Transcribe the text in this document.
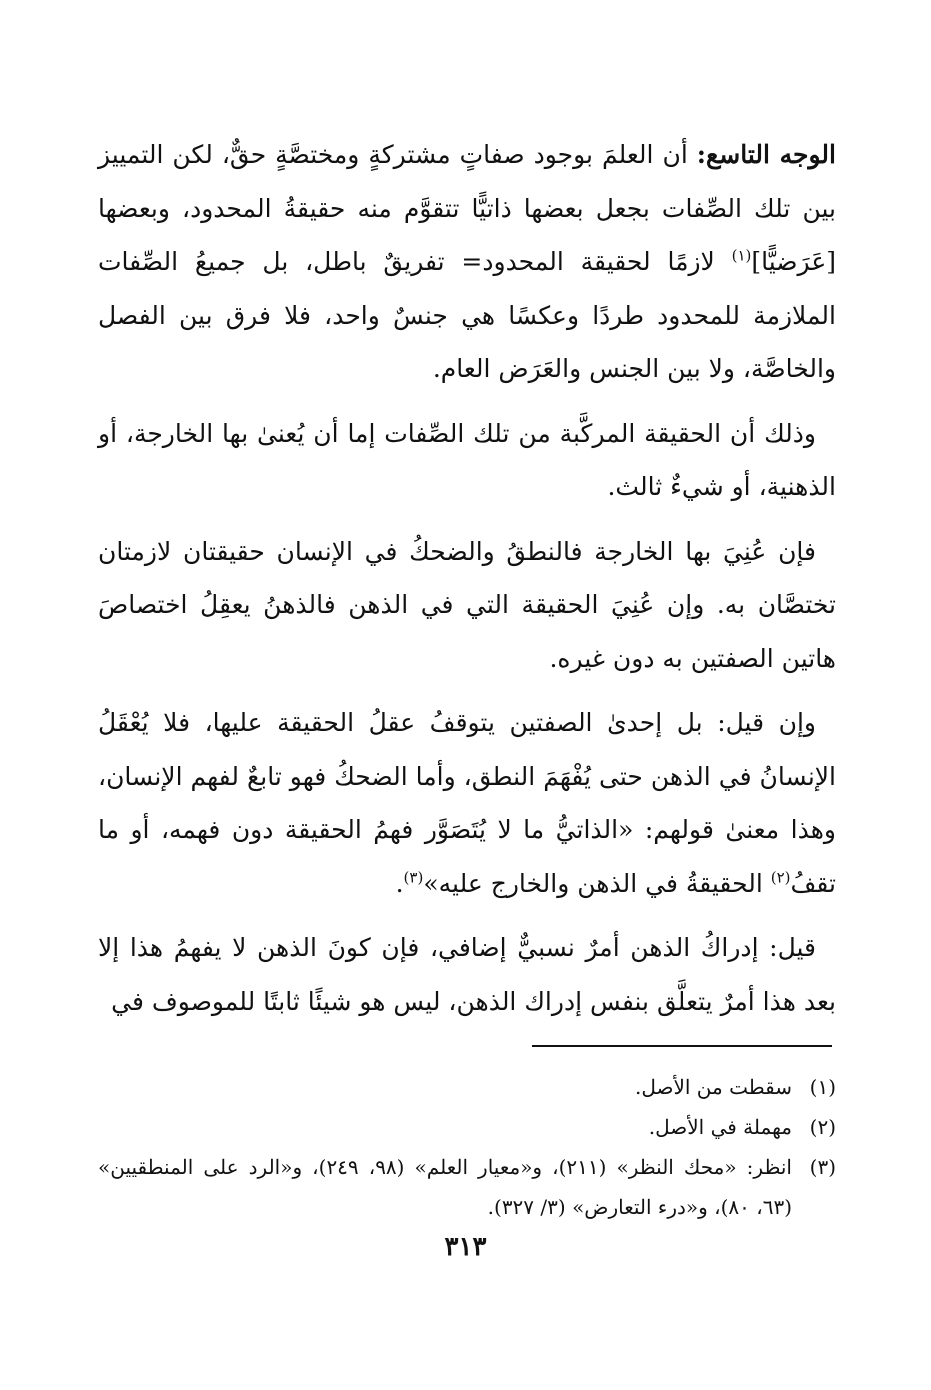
الوجه التاسع: أن العلمَ بوجود صفاتٍ مشتركةٍ ومختصَّةٍ حقٌّ، لكن التمييز بين تلك الصِّفات بجعل بعضها ذاتيًّا تتقوَّم منه حقيقةُ المحدود، وبعضها [عَرَضيًّا]$^{(١)}$ لازمًا لحقيقة المحدود= تفريقٌ باطل، بل جميعُ الصِّفات الملازمة للمحدود طردًا وعكسًا هي جنسٌ واحد، فلا فرق بين الفصل والخاصَّة، ولا بين الجنس والعَرَض العام.

وذلك أن الحقيقة المركَّبة من تلك الصِّفات إما أن يُعنىٰ بها الخارجة، أو الذهنية، أو شيءٌ ثالث.

فإن عُنِيَ بها الخارجة فالنطقُ والضحكُ في الإنسان حقيقتان لازمتان تختصَّان به. وإن عُنِيَ الحقيقة التي في الذهن فالذهنُ يعقِلُ اختصاصَ هاتين الصفتين به دون غيره.

وإن قيل: بل إحدىٰ الصفتين يتوقفُ عقلُ الحقيقة عليها، فلا يُعْقَلُ الإنسانُ في الذهن حتى يُفْهَمَ النطق، وأما الضحكُ فهو تابعٌ لفهم الإنسان، وهذا معنىٰ قولهم: «الذاتيُّ ما لا يُتَصَوَّر فهمُ الحقيقة دون فهمه، أو ما تقفُ$^{(٢)}$ الحقيقةُ في الذهن والخارج عليه»$^{(٣)}$.

قيل: إدراكُ الذهن أمرٌ نسبيٌّ إضافي، فإن كونَ الذهن لا يفهمُ هذا إلا بعد هذا أمرٌ يتعلَّق بنفس إدراك الذهن، ليس هو شيئًا ثابتًا للموصوف في

(١)
سقطت من الأصل.

(٢)
مهملة في الأصل.

(٣)
انظر: «محك النظر» (٢١١)، و«معيار العلم» (٩٨، ٢٤٩)، و«الرد على المنطقيين» (٦٣، ٨٠)، و«درء التعارض» (٣/ ٣٢٧).

٣١٣
